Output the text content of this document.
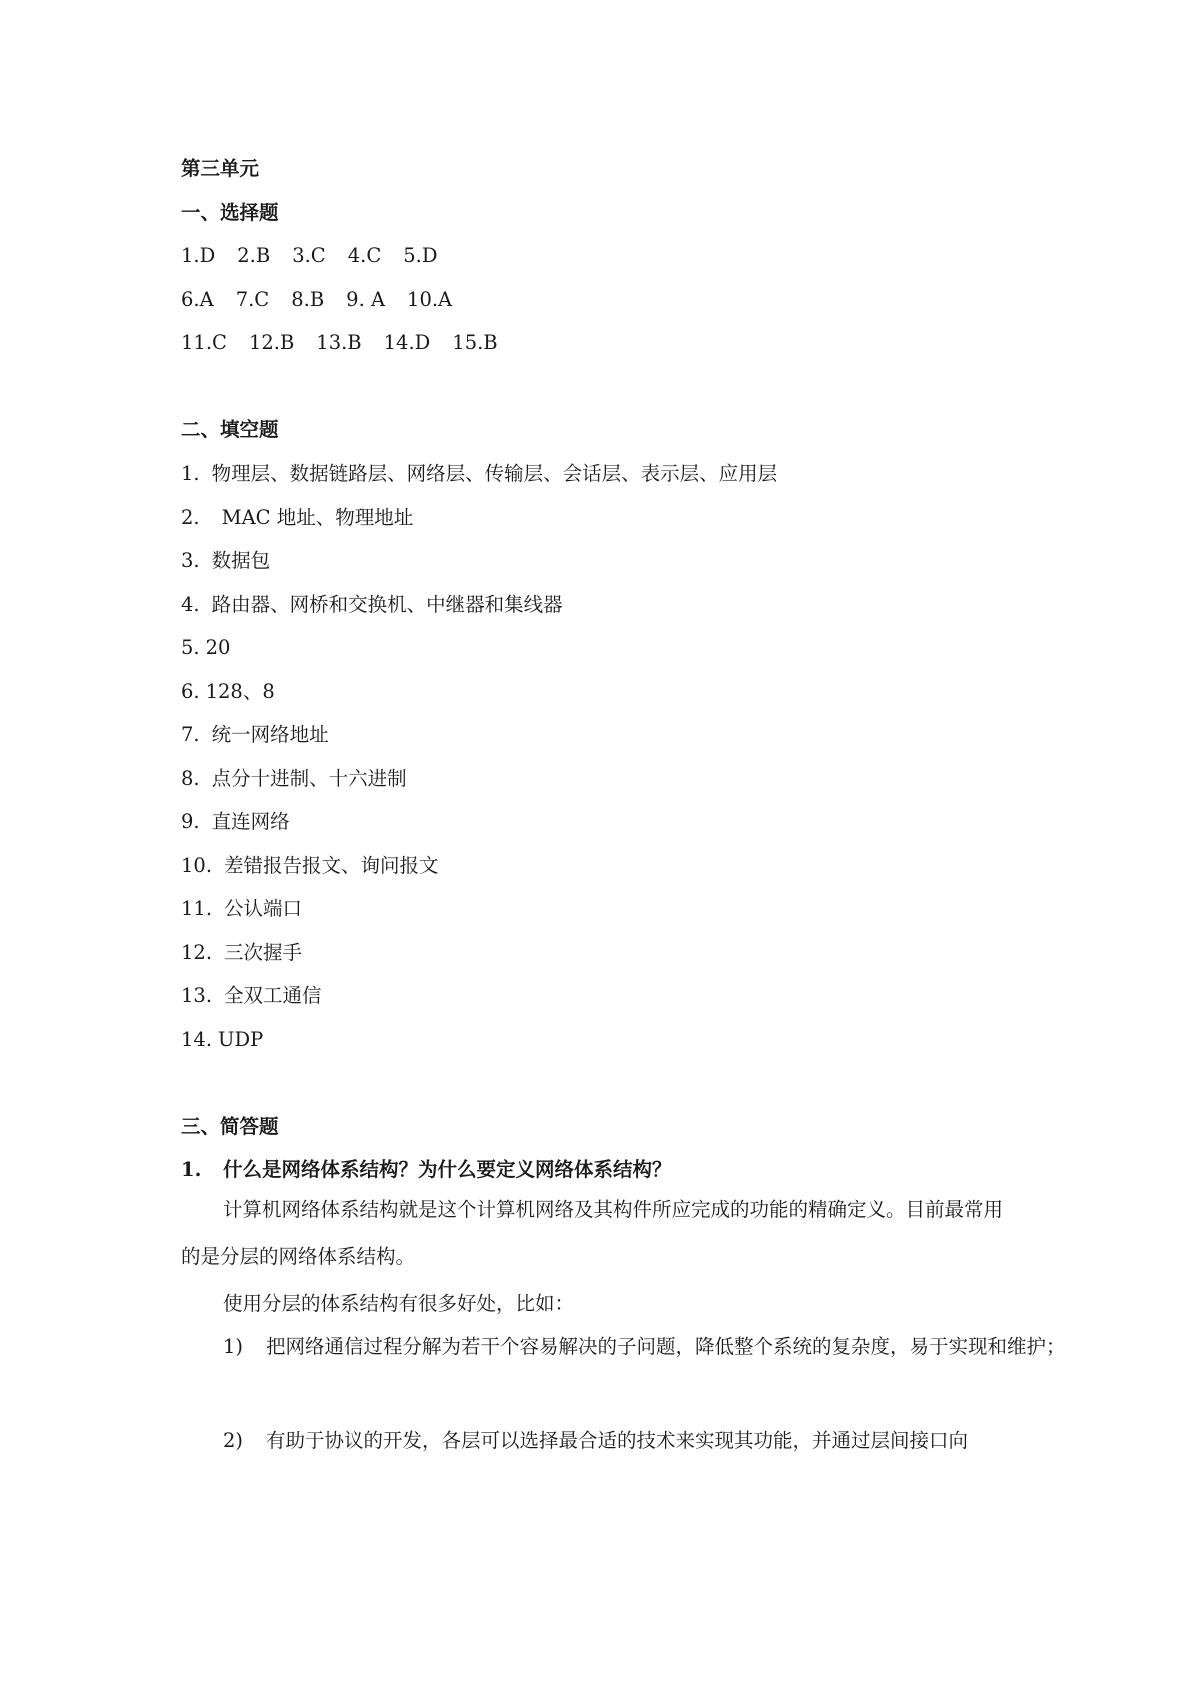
第三单元
一、选择题
1.D 2.B 3.C 4.C 5.D
6.A 7.C 8.B 9. A 10.A
11.C 12.B 13.B 14.D 15.B
二、填空题
1. 物理层、数据链路层、网络层、传输层、会话层、表示层、应用层
2. MAC 地址、物理地址
3. 数据包
4. 路由器、网桥和交换机、中继器和集线器
5. 20
6. 128、8
7. 统一网络地址
8. 点分十进制、十六进制
9. 直连网络
10. 差错报告报文、询问报文
11. 公认端口
12. 三次握手
13. 全双工通信
14. UDP
三、简答题
1. 什么是网络体系结构？为什么要定义网络体系结构？
计算机网络体系结构就是这个计算机网络及其构件所应完成的功能的精确定义。目前最常用的是分层的网络体系结构。
使用分层的体系结构有很多好处，比如：
1) 把网络通信过程分解为若干个容易解决的子问题，降低整个系统的复杂度，易于实现和维护；
2) 有助于协议的开发，各层可以选择最合适的技术来实现其功能，并通过层间接口向
